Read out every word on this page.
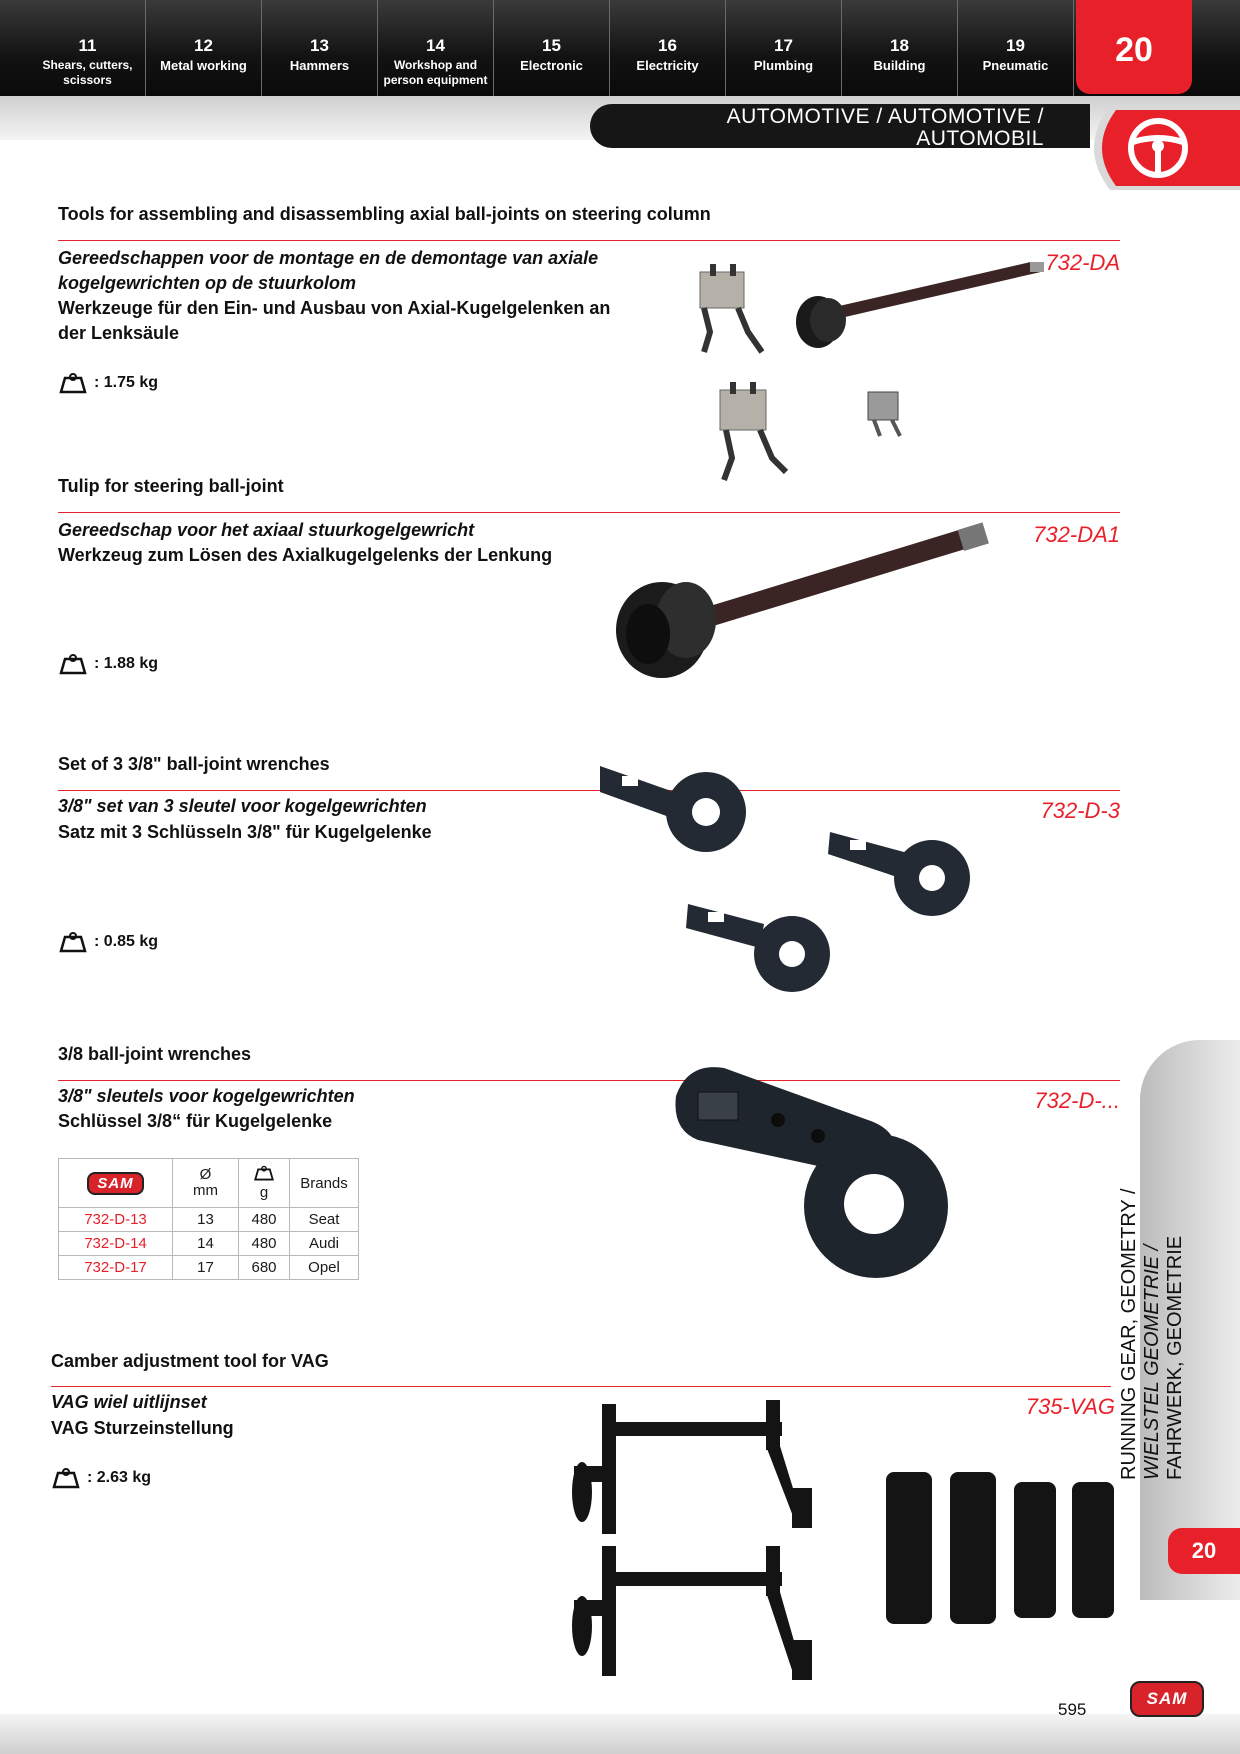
11
Shears, cutters, scissors
12
Metal working
13
Hammers
14
Workshop and person equipment
15
Electronic
16
Electricity
17
Plumbing
18
Building
19
Pneumatic	20
AUTOMOTIVE / AUTOMOTIVE /
AUTOMOBIL
Tools for assembling and disassembling axial ball-joints on steering column
Gereedschappen voor de montage en de demontage van axiale kogelgewrichten op de stuurkolom
Werkzeuge für den Ein- und Ausbau von Axial-Kugelgelenken an der Lenksäule
732-DA
: 1.75 kg
Tulip for steering ball-joint
Gereedschap voor het axiaal stuurkogelgewricht
Werkzeug zum Lösen des Axialkugelgelenks der Lenkung
732-DA1
: 1.88 kg
Set of 3 3/8" ball-joint wrenches
3/8" set van 3 sleutel voor kogelgewrichten
Satz mit 3 Schlüsseln 3/8" für Kugelgelenke
732-D-3
: 0.85 kg
3/8 ball-joint wrenches
3/8" sleutels voor kogelgewrichten
Schlüssel 3/8“ für Kugelgelenke
732-D-...
SAM	Ø
mm	g	Brands
732-D-13	13	480	Seat
732-D-14	14	480	Audi
732-D-17	17	680	Opel
Camber adjustment tool for VAG
VAG wiel uitlijnset
VAG Sturzeinstellung
735-VAG
: 2.63 kg	RUNNING GEAR, GEOMETRY / WIELSTEL GEOMETRIE / FAHRWERK, GEOMETRIE
20
595
SAM
